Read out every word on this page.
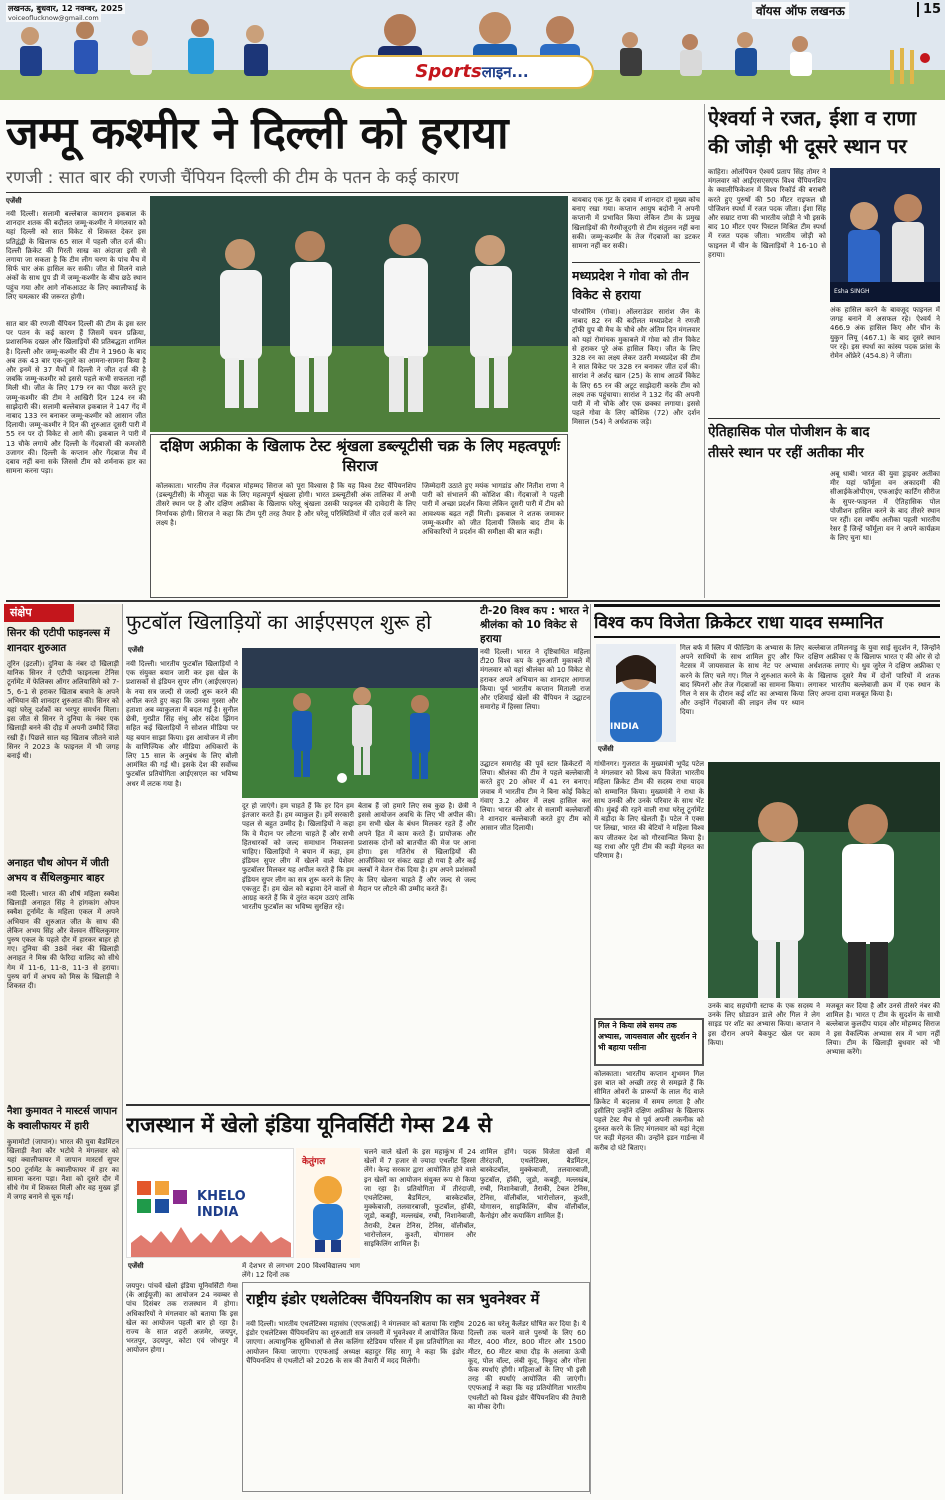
लखनऊ, बुधवार, 12 नवम्बर, 2025
voiceoflucknow@gmail.com	वॉयस ऑफ लखनऊ	15
Sportsलाइन...
जम्मू कश्मीर ने दिल्ली को हराया
रणजी : सात बार की रणजी चैंपियन दिल्ली की टीम के पतन के कई कारण
ऐश्वर्या ने रजत, ईशा व राणा
की जोड़ी भी दूसरे स्थान पर
एजेंसी
नयी दिल्ली। सलामी बल्लेबाज कामरान इकबाल के शानदार शतक की बदौलत जम्मू-कश्मीर ने मंगलवार को यहां दिल्ली को सात विकेट से शिकस्त देकर इस प्रतिद्वंद्वी के खिलाफ 65 साल में पहली जीत दर्ज की। दिल्ली क्रिकेट की गिरती साख का अंदाजा इसी से लगाया जा सकता है कि टीम लीग चरण के पांच मैच में सिर्फ चार अंक हासिल कर सकी। जीत से मिलने वाले अंकों के साथ ग्रुप डी में जम्मू-कश्मीर के बीच छठे स्थान पहुंच गया और आगे नॉकआउट के लिए क्वालीफाई के लिए चमत्कार की जरूरत होगी।
सात बार की रणजी चैंपियन दिल्ली की टीम के इस स्तर पर पतन के कई कारण हैं जिसमें चयन प्रक्रिया, प्रशासनिक दखल और खिलाड़ियों की प्रतिबद्धता शामिल है। दिल्ली और जम्मू-कश्मीर की टीम ने 1960 के बाद अब तक 43 बार एक-दूसरे का आमना-सामना किया है और इनमें से 37 मैचों में दिल्ली ने जीत दर्ज की है जबकि जम्मू-कश्मीर को इससे पहले कभी सफलता नहीं मिली थी। जीत के लिए 179 रन का पीछा करते हुए जम्मू-कश्मीर की टीम ने आखिरी दिन 124 रन की साझेदारी की। सलामी बल्लेबाज इकबाल ने 147 गेंद में नाबाद 133 रन बनाकर जम्मू-कश्मीर को आसान जीत दिलायी। जम्मू-कश्मीर ने दिन की शुरुआत दूसरी पारी में 55 रन पर दो विकेट से आगे की। इकबाल ने पारी में 13 चौके लगाये और दिल्ली के गेंदबाजों की कमजोरी उजागर की। दिल्ली के कप्तान और गेंदबाज मैच में दबाव नहीं बना सके जिससे टीम को शर्मनाक हार का सामना करना पड़ा।
बायबाद एक गुट के दबाव में शानदार दो मुख्य कोच बनाए रखा गया। कप्तान आयुष बदोनी ने अपनी कप्तानी में प्रभावित किया लेकिन टीम के प्रमुख खिलाड़ियों की गैरमौजूदगी से टीम संतुलन नहीं बना सकी। जम्मू-कश्मीर के तेज गेंदबाजों का डटकर सामना नहीं कर सकी।
मध्यप्रदेश ने गोवा को तीन विकेट से हराया
पोरवोरिम (गोवा)। ऑलराउंडर सारांश जैन के नाबाद 82 रन की बदौलत मध्यप्रदेश ने रणजी ट्रॉफी ग्रुप बी मैच के चौथे और अंतिम दिन मंगलवार को यहां रोमांचक मुकाबले में गोवा को तीन विकेट से हराकर पूरे अंक हासिल किए। जीत के लिए 328 रन का लक्ष्य लेकर उतरी मध्यप्रदेश की टीम ने सात विकेट पर 328 रन बनाकर जीत दर्ज की। सारांश ने अर्शद खान (25) के साथ आठवें विकेट के लिए 65 रन की अटूट साझेदारी करके टीम को लक्ष्य तक पहुंचाया। सारांश ने 132 गेंद की अपनी पारी में नौ चौके और एक छक्का लगाया। इससे पहले गोवा के लिए कौशिक (72) और दर्शन मिसाल (54) ने अर्धशतक जड़े।
काहिरा। ओलंपियन ऐश्वर्य प्रताप सिंह तोमर ने मंगलवार को आईएसएसएफ विश्व चैंपियनशिप के क्वालीफिकेशन में विश्व रिकॉर्ड की बराबरी करते हुए पुरुषों की 50 मीटर राइफल थ्री पोजिशन स्पर्धा में रजत पदक जीता। ईशा सिंह और सम्राट राणा की भारतीय जोड़ी ने भी इसके बाद 10 मीटर एयर पिस्टल मिश्रित टीम स्पर्धा में रजत पदक जीता। भारतीय जोड़ी को फाइनल में चीन के खिलाड़ियों ने 16-10 से हराया।
Esha SINGH
अंक हासिल करने के बावजूद फाइनल में जगह बनाने में असफल रहे। ऐश्वर्य ने 466.9 अंक हासिल किए और चीन के युकुन लियू (467.1) के बाद दूसरे स्थान पर रहे। इस स्पर्धा का कांस्य पदक फ्रांस के रोमेन ऑफ्रेरे (454.8) ने जीता।
ऐतिहासिक पोल पोजीशन के बाद
तीसरे स्थान पर रहीं अतीका मीर
अबू धाबी। भारत की युवा ड्राइवर अतीका मीर यहां फॉर्मूला वन अकादमी की सीआईकेओपीएम, एफआईए कार्टिंग सीरीज के सुपर-फाइनल में ऐतिहासिक पोल पोजीशन हासिल करने के बाद तीसरे स्थान पर रहीं। दस वर्षीय अतीका पहली भारतीय रेसर हैं जिन्हें फॉर्मूला वन ने अपने कार्यक्रम के लिए चुना था।
दक्षिण अफ्रीका के खिलाफ टेस्ट श्रृंखला डब्ल्यूटीसी चक्र के लिए महत्वपूर्णः सिराज
कोलकाता। भारतीय तेज गेंदबाज मोहम्मद सिराज को पूरा विश्वास है कि यह विश्व टेस्ट चैंपियनशिप (डब्ल्यूटीसी) के मौजूदा चक्र के लिए महत्वपूर्ण श्रृंखला होगी। भारत डब्ल्यूटीसी अंक तालिका में अभी तीसरे स्थान पर है और दक्षिण अफ्रीका के खिलाफ घरेलू श्रृंखला उसकी फाइनल की दावेदारी के लिए निर्णायक होगी। सिराज ने कहा कि टीम पूरी तरह तैयार है और घरेलू परिस्थितियों में जीत दर्ज करने का लक्ष्य है।
जिम्मेदारी उठाते हुए मयंक भागडांड और नितीश राणा ने पारी को संभालने की कोशिश की। गेंदबाजों ने पहली पारी में अच्छा प्रदर्शन किया लेकिन दूसरी पारी में टीम को आवश्यक बढ़त नहीं मिली। इकबाल ने शतक जमाकर जम्मू-कश्मीर को जीत दिलायी जिसके बाद टीम के अधिकारियों ने प्रदर्शन की समीक्षा की बात कही।
संक्षेप
सिनर की एटीपी फाइनल्स में शानदार शुरुआत
तूरिन (इटली)। दुनिया के नंबर दो खिलाड़ी यानिक सिनर ने एटीपी फाइनल्स टेनिस टूर्नामेंट में फेलिक्स ऑगर अलियासिमे को 7-5, 6-1 से हराकर खिताब बचाने के अपने अभियान की शानदार शुरुआत की। सिनर को यहां घरेलू दर्शकों का भरपूर समर्थन मिला। इस जीत से सिनर ने दुनिया के नंबर एक खिलाड़ी बनने की दौड़ में अपनी उम्मीदें जिंदा रखी हैं। पिछले साल यह खिताब जीतने वाले सिनर ने 2023 के फाइनल में भी जगह बनाई थी।
अनाहत चौथ ओपन में जीती अभय व सैंथिलकुमार बाहर
नयी दिल्ली। भारत की शीर्ष महिला स्क्वैश खिलाड़ी अनाहत सिंह ने हांगकांग ओपन स्क्वैश टूर्नामेंट के महिला एकल में अपने अभियान की शुरुआत जीत के साथ की लेकिन अभय सिंह और वेलवन सैंथिलकुमार पुरुष एकल के पहले दौर में हारकर बाहर हो गए। दुनिया की 38वें नंबर की खिलाड़ी अनाहत ने मिस्र की फेरिदा वालिद को सीधे गेम में 11-6, 11-8, 11-3 से हराया। पुरुष वर्ग में अभय को मिस्र के खिलाड़ी ने शिकस्त दी।
नैशा कुमावत ने मास्टर्स जापान के क्वालीफायर में हारी
कुमामोटो (जापान)। भारत की युवा बैडमिंटन खिलाड़ी नैशा कौर भटोये ने मंगलवार को यहां क्वालीफायर में जापान मास्टर्स सुपर 500 टूर्नामेंट के क्वालीफायर में हार का सामना करना पड़ा। नैशा को दूसरे दौर में सीधे गेम में शिकस्त मिली और वह मुख्य ड्रॉ में जगह बनाने से चूक गईं।
फुटबॉल खिलाड़ियों का आईएसएल शुरू हो
एजेंसी
नयी दिल्ली। भारतीय फुटबॉल खिलाड़ियों ने एक संयुक्त बयान जारी कर इस खेल के प्रशासकों से इंडियन सुपर लीग (आईएसएल) के नया सत्र जल्दी से जल्दी शुरू करने की अपील करते हुए कहा कि उनका गुस्सा और हताशा अब व्याकुलता में बदल गई है। सुनील छेत्री, गुरप्रीत सिंह संधू और संदेश झिंगन सहित कई खिलाड़ियों ने सोशल मीडिया पर यह बयान साझा किया। इस आयोजन में लीग के वाणिज्यिक और मीडिया अधिकारों के लिए 15 साल के अनुबंध के लिए बोली आमंत्रित की गई थी। इसके देश की सर्वोच्च फुटबॉल प्रतियोगिता आईएसएल का भविष्य अधर में लटक गया है।
दूर हो जाएंगे। हम चाहते हैं कि हर दिन हम इंतजार करते हैं। हम व्याकुल हैं। हमें सरकारी पहल से बहुत उम्मीद है। खिलाड़ियों ने कहा कि वे मैदान पर लौटना चाहते हैं और सभी हितधारकों को जल्द समाधान निकालना चाहिए। खिलाड़ियों ने बयान में कहा, हम इंडियन सुपर लीग में खेलने वाले पेशेवर फुटबॉलर मिलकर यह अपील करते हैं कि हम इंडियन सुपर लीग का सत्र शुरू करने के लिए एकजुट हैं। हम खेल को बढ़ावा देने वालों से आग्रह करते हैं कि वे तुरंत कदम उठाएं ताकि भारतीय फुटबॉल का भविष्य सुरक्षित रहे।
बेताब हैं जो हमारे लिए सब कुछ है। छेत्री ने इससे आयोजन अवधि के लिए भी अपील की। हम सभी खेल के बंधन मिलकर रहते हैं और अपने हित में काम करते हैं। प्रायोजक और प्रशासक दोनों को बातचीत की मेज पर आना होगा। इस गतिरोध से खिलाड़ियों की आजीविका पर संकट खड़ा हो गया है और कई क्लबों ने वेतन रोक दिया है। हम अपने प्रशंसकों के लिए खेलना चाहते हैं और जल्द से जल्द मैदान पर लौटने की उम्मीद करते हैं।
टी-20 विश्व कप : भारत ने श्रीलंका को 10 विकेट से हराया
नयी दिल्ली। भारत ने दृष्टिबाधित महिला टी20 विश्व कप के शुरुआती मुकाबले में मंगलवार को यहां श्रीलंका को 10 विकेट से हराकर अपने अभियान का शानदार आगाज किया। पूर्व भारतीय कप्तान मिताली राज और एशियाई खेलों की चैंपियन ने उद्घाटन समारोह में हिस्सा लिया।
उद्घाटन समारोह की पूर्व स्टार क्रिकेटरों ने लिया। श्रीलंका की टीम ने पहले बल्लेबाजी करते हुए 20 ओवर में 41 रन बनाए। जवाब में भारतीय टीम ने बिना कोई विकेट गंवाए 3.2 ओवर में लक्ष्य हासिल कर लिया। भारत की ओर से सलामी बल्लेबाजों ने शानदार बल्लेबाजी करते हुए टीम को आसान जीत दिलायी।
विश्व कप विजेता क्रिकेटर राधा यादव सम्मानित
INDIA
एजेंसी
गिल बर्फ में स्लिप में फील्डिंग के अभ्यास के लिए अपने साथियों के साथ शामिल हुए और फिर नेटसत्र में जायसवाल के साथ नेट पर अभ्यास करने के लिए चले गए। गिल ने शुरुआत करने के बाद स्पिनरों और तेज गेंदबाजों का सामना किया। गिल ने सत्र के दौरान कई शॉट का अभ्यास किया और उन्होंने गेंदबाजों की लाइन लेंथ पर ध्यान दिया।
बल्लेबाज तमिलनाडु के युवा साई सुदर्शन ने, जिन्होंने दक्षिण अफ्रीका ए के खिलाफ भारत ए की ओर से दो अर्धशतक लगाए थे। धुव जुरेल ने दक्षिण अफ्रीका ए के खिलाफ दूसरे मैच में दोनों पारियों में शतक लगाकर भारतीय बल्लेबाजी क्रम में एक स्थान के लिए अपना दावा मजबूत किया है।
गांधीनगर। गुजरात के मुख्यमंत्री भूपेंद्र पटेल ने मंगलवार को विश्व कप विजेता भारतीय महिला क्रिकेट टीम की सदस्य राधा यादव को सम्मानित किया। मुख्यमंत्री ने राधा के साथ उनकी और उनके परिवार के साथ भेंट की। मुंबई की रहने वाली राधा घरेलू टूर्नामेंट में बड़ौदा के लिए खेलती हैं। पटेल ने एक्स पर लिखा, भारत की बेटियों ने महिला विश्व कप जीतकर देश को गौरवान्वित किया है। यह राधा और पूरी टीम की कड़ी मेहनत का परिणाम है।
गिल ने किया लंबे समय तक अभ्यास, जायसवाल और सुदर्शन ने भी बहाया पसीना
कोलकाता। भारतीय कप्तान शुभमन गिल इस बात को अच्छी तरह से समझते हैं कि सीमित ओवरों के प्रारूपों के लाल गेंद वाले क्रिकेट में बदलाव में समय लगता है और इसीलिए उन्होंने दक्षिण अफ्रीका के खिलाफ पहले टेस्ट मैच से पूर्व अपनी तकनीक को दुरुस्त करने के लिए मंगलवार को यहां नेट्स पर कड़ी मेहनत की। उन्होंने इडन गार्डन्स में करीब दो घंटे बिताए।
उनके बाद सहयोगी स्टाफ के एक सदस्य ने उनके लिए थ्रोडाउन डाले और गिल ने लेग साइड पर शॉट का अभ्यास किया। कप्तान ने इस दौरान अपने बैकफुट खेल पर काम किया।
मजबूत कर दिया है और उनसे तीसरे नंबर की शामिल है। भारत ए टीम के सुदर्शन के साथी बल्लेबाज कुलदीप यादव और मोहम्मद सिराज ने इस वैकल्पिक अभ्यास सत्र में भाग नहीं लिया। टीम के खिलाड़ी बुधवार को भी अभ्यास करेंगे।
राजस्थान में खेलो इंडिया यूनिवर्सिटी गेम्स 24 से
KHELO INDIA
केतुंगल
एजेंसी	में देशभर से लगभग 200 विश्वविद्यालय भाग लेंगे। 12 दिनों तक
चलने वाले खेलों के इस महाकुंभ में 24 खेलों में 7 हजार से ज्यादा एथलीट हिस्सा लेंगे। केन्द्र सरकार द्वारा आयोजित होने वाले इन खेलों का आयोजन संयुक्त रूप से किया जा रहा है। प्रतियोगिता में तीरंदाजी, एथलेटिक्स, बैडमिंटन, बास्केटबॉल, मुक्केबाजी, तलवारबाजी, फुटबॉल, हॉकी, जूडो, कबड्डी, मल्लखंब, रग्बी, निशानेबाजी, तैराकी, टेबल टेनिस, टेनिस, वॉलीबॉल, भारोत्तोलन, कुश्ती, योगासन और साइकिलिंग शामिल हैं।
शामिल होंगे। पदक विजेता खेलों में तीरंदाजी, एथलेटिक्स, बैडमिंटन, बास्केटबॉल, मुक्केबाजी, तलवारबाजी, फुटबॉल, हॉकी, जूडो, कबड्डी, मल्लखंब, रग्बी, निशानेबाजी, तैराकी, टेबल टेनिस, टेनिस, वॉलीबॉल, भारोत्तोलन, कुश्ती, योगासन, साइकिलिंग, बीच वॉलीबॉल, कैनोइंग और कयाकिंग शामिल हैं।
जयपुर। पांचवें खेलो इंडिया यूनिवर्सिटी गेम्स (के आईयूजी) का आयोजन 24 नवम्बर से पांच दिसंबर तक राजस्थान में होगा। अधिकारियों ने मंगलवार को बताया कि इस खेल का आयोजन पहली बार हो रहा है। राज्य के सात शहरों अजमेर, जयपुर, भरतपुर, उदयपुर, कोटा एवं जोधपुर में आयोजन होगा।
राष्ट्रीय इंडोर एथलेटिक्स चैंपियनशिप का सत्र भुवनेश्वर में
नयी दिल्ली। भारतीय एथलेटिक्स महासंघ (एएफआई) ने मंगलवार को बताया कि राष्ट्रीय इंडोर एथलेटिक्स चैंपियनशिप का शुरुआती सत्र जनवरी में भुवनेश्वर में आयोजित किया जाएगा। अत्याधुनिक सुविधाओं से लैस कलिंगा स्टेडियम परिसर में इस प्रतियोगिता का आयोजन किया जाएगा। एएफआई अध्यक्ष बहादुर सिंह सागू ने कहा कि इंडोर चैंपियनशिप से एथलीटों को 2026 के सत्र की तैयारी में मदद मिलेगी।
2026 का घरेलू कैलेंडर घोषित कर दिया है। ये दिल्ली तक चलने वाले पुरुषों के लिए 60 मीटर, 400 मीटर, 800 मीटर और 1500 मीटर, 60 मीटर बाधा दौड़ के अलावा ऊंची कूद, पोल वॉल्ट, लंबी कूद, त्रिकूद और गोला फेंक स्पर्धाएं होंगी। महिलाओं के लिए भी इसी तरह की स्पर्धाएं आयोजित की जाएंगी। एएफआई ने कहा कि यह प्रतियोगिता भारतीय एथलीटों को विश्व इंडोर चैंपियनशिप की तैयारी का मौका देगी।
